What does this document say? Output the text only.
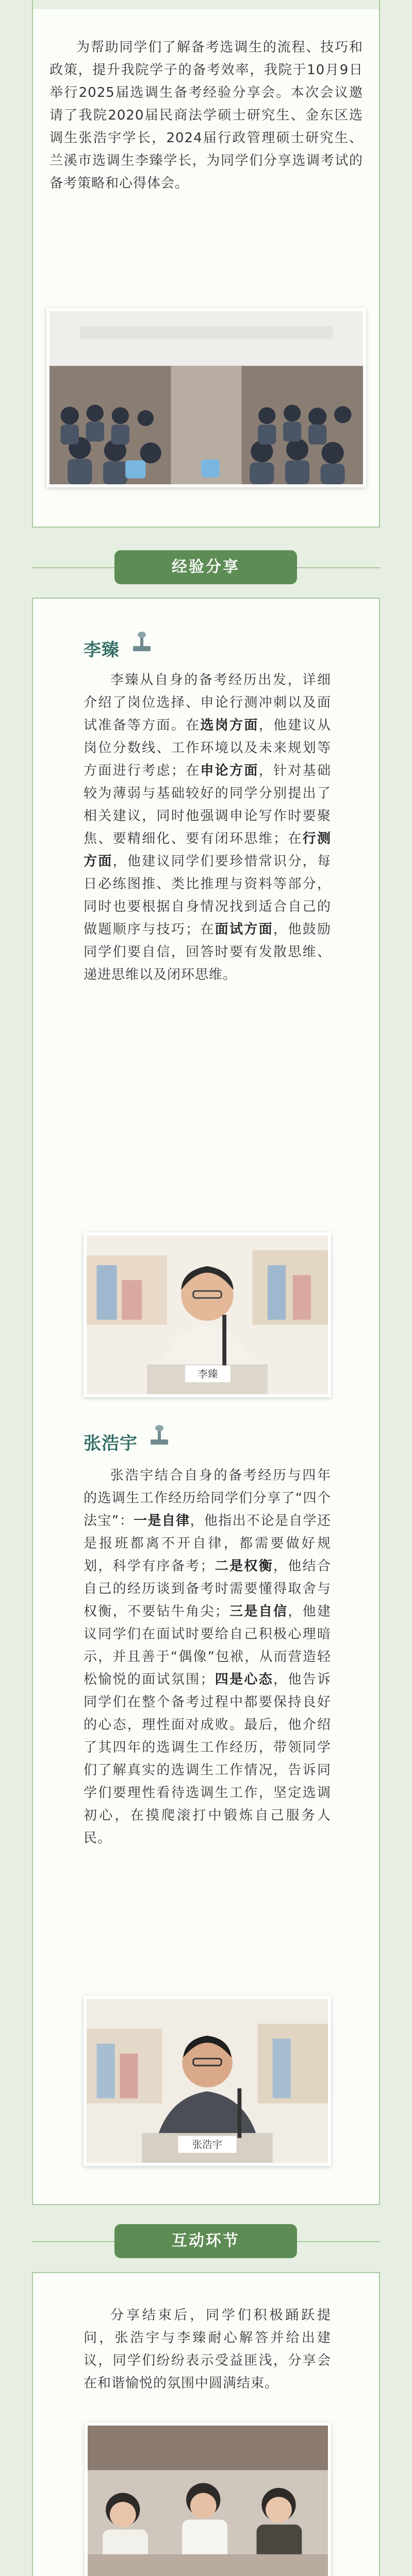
为帮助同学们了解备考选调生的流程、技巧和政策，提升我院学子的备考效率，我院于10月9日举行2025届选调生备考经验分享会。本次会议邀请了我院2020届民商法学硕士研究生、金东区选调生张浩宇学长，2024届行政管理硕士研究生、兰溪市选调生李臻学长，为同学们分享选调考试的备考策略和心得体会。

经验分享
李臻

李臻从自身的备考经历出发，详细介绍了岗位选择、申论行测冲刺以及面试准备等方面。在选岗方面，他建议从岗位分数线、工作环境以及未来规划等方面进行考虑；在申论方面，针对基础较为薄弱与基础较好的同学分别提出了相关建议，同时他强调申论写作时要聚焦、要精细化、要有闭环思维；在行测方面，他建议同学们要珍惜常识分，每日必练图推、类比推理与资料等部分，同时也要根据自身情况找到适合自己的做题顺序与技巧；在面试方面，他鼓励同学们要自信，回答时要有发散思维、递进思维以及闭环思维。

李臻
张浩宇

张浩宇结合自身的备考经历与四年的选调生工作经历给同学们分享了“四个法宝”：一是自律，他指出不论是自学还是报班都离不开自律，都需要做好规划，科学有序备考；二是权衡，他结合自己的经历谈到备考时需要懂得取舍与权衡，不要钻牛角尖；三是自信，他建议同学们在面试时要给自己积极心理暗示，并且善于“偶像”包袱，从而营造轻松愉悦的面试氛围；四是心态，他告诉同学们在整个备考过程中都要保持良好的心态，理性面对成败。最后，他介绍了其四年的选调生工作经历，带领同学们了解真实的选调生工作情况，告诉同学们要理性看待选调生工作，坚定选调初心，在摸爬滚打中锻炼自己服务人民。

张浩宇
互动环节

分享结束后，同学们积极踊跃提问，张浩宇与李臻耐心解答并给出建议，同学们纷纷表示受益匪浅，分享会在和谐愉悦的氛围中圆满结束。
